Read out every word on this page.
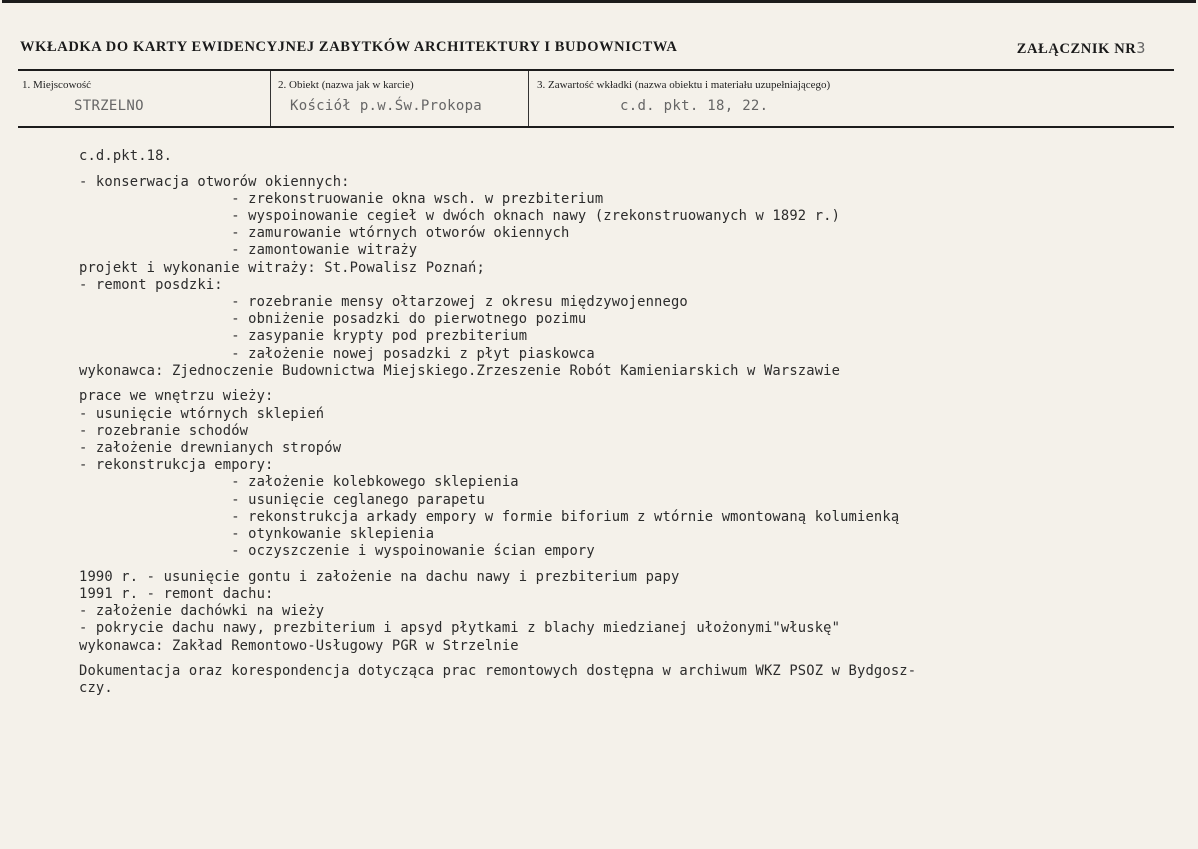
WKŁADKA DO KARTY EWIDENCYJNEJ ZABYTKÓW ARCHITEKTURY I BUDOWNICTWA	ZAŁĄCZNIK NR3
1. Miejscowość
STRZELNO
2. Obiekt (nazwa jak w karcie)
Kościół p.w.Św.Prokopa
3. Zawartość wkładki (nazwa obiektu i materiału uzupełniającego)
c.d. pkt. 18, 22.
c.d.pkt.18.
- konserwacja otworów okiennych:
- zrekonstruowanie okna wsch. w prezbiterium
- wyspoinowanie cegieł w dwóch oknach nawy (zrekonstruowanych w 1892 r.)
- zamurowanie wtórnych otworów okiennych
- zamontowanie witraży
projekt i wykonanie witraży: St.Powalisz Poznań;
- remont posdzki:
- rozebranie mensy ołtarzowej z okresu międzywojennego
- obniżenie posadzki do pierwotnego pozimu
- zasypanie krypty pod prezbiterium
- założenie nowej posadzki z płyt piaskowca
wykonawca: Zjednoczenie Budownictwa Miejskiego.Zrzeszenie Robót Kamieniarskich w Warszawie
prace we wnętrzu wieży:
- usunięcie wtórnych sklepień
- rozebranie schodów
- założenie drewnianych stropów
- rekonstrukcja empory:
- założenie kolebkowego sklepienia
- usunięcie ceglanego parapetu
- rekonstrukcja arkady empory w formie biforium z wtórnie wmontowaną kolumienką
- otynkowanie sklepienia
- oczyszczenie i wyspoinowanie ścian empory
1990 r. - usunięcie gontu i założenie na dachu nawy i prezbiterium papy
1991 r. - remont dachu:
- założenie dachówki na wieży
- pokrycie dachu nawy, prezbiterium i apsyd płytkami z blachy miedzianej ułożonymi"włuskę"
wykonawca: Zakład Remontowo-Usługowy PGR w Strzelnie
Dokumentacja oraz korespondencja dotycząca prac remontowych dostępna w archiwum WKZ PSOZ w Bydgosz-
czy.
